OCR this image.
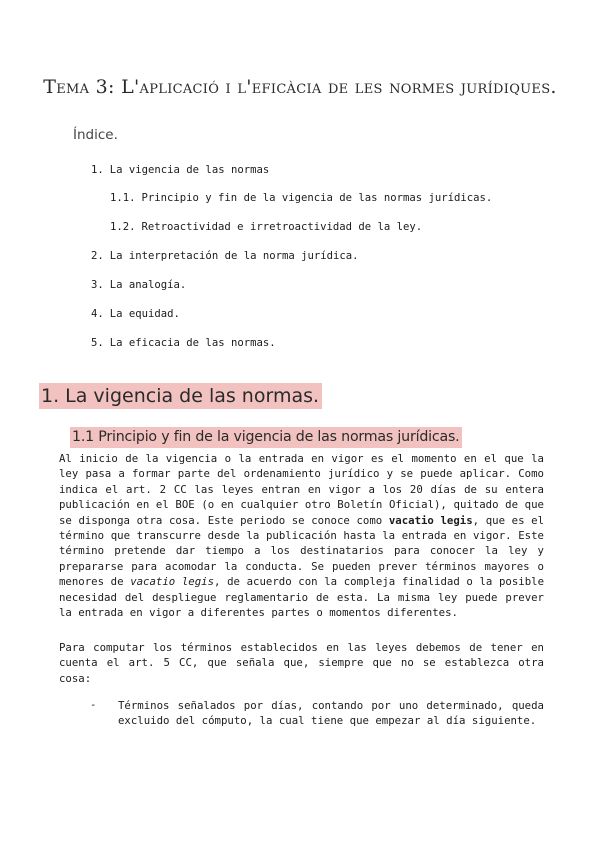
Tema 3: L'aplicació i l'eficàcia de les normes jurídiques.
Índice.
1. La vigencia de las normas
1.1. Principio y fin de la vigencia de las normas jurídicas.
1.2. Retroactividad e irretroactividad de la ley.
2. La interpretación de la norma jurídica.
3. La analogía.
4. La equidad.
5. La eficacia de las normas.
1. La vigencia de las normas.
1.1 Principio y fin de la vigencia de las normas jurídicas.

Al inicio de la vigencia o la entrada en vigor es el momento en el que la ley pasa a formar parte del ordenamiento jurídico y se puede aplicar. Como indica el art. 2 CC las leyes entran en vigor a los 20 días de su entera publicación en el BOE (o en cualquier otro Boletín Oficial), quitado de que se disponga otra cosa. Este periodo se conoce como vacatio legis, que es el término que transcurre desde la publicación hasta la entrada en vigor. Este término pretende dar tiempo a los destinatarios para conocer la ley y prepararse para acomodar la conducta. Se pueden prever términos mayores o menores de vacatio legis, de acuerdo con la compleja finalidad o la posible necesidad del despliegue reglamentario de esta. La misma ley puede prever la entrada en vigor a diferentes partes o momentos diferentes.

Para computar los términos establecidos en las leyes debemos de tener en cuenta el art. 5 CC, que señala que, siempre que no se establezca otra cosa:

- Términos señalados por días, contando por uno determinado, queda excluido del cómputo, la cual tiene que empezar al día siguiente.
